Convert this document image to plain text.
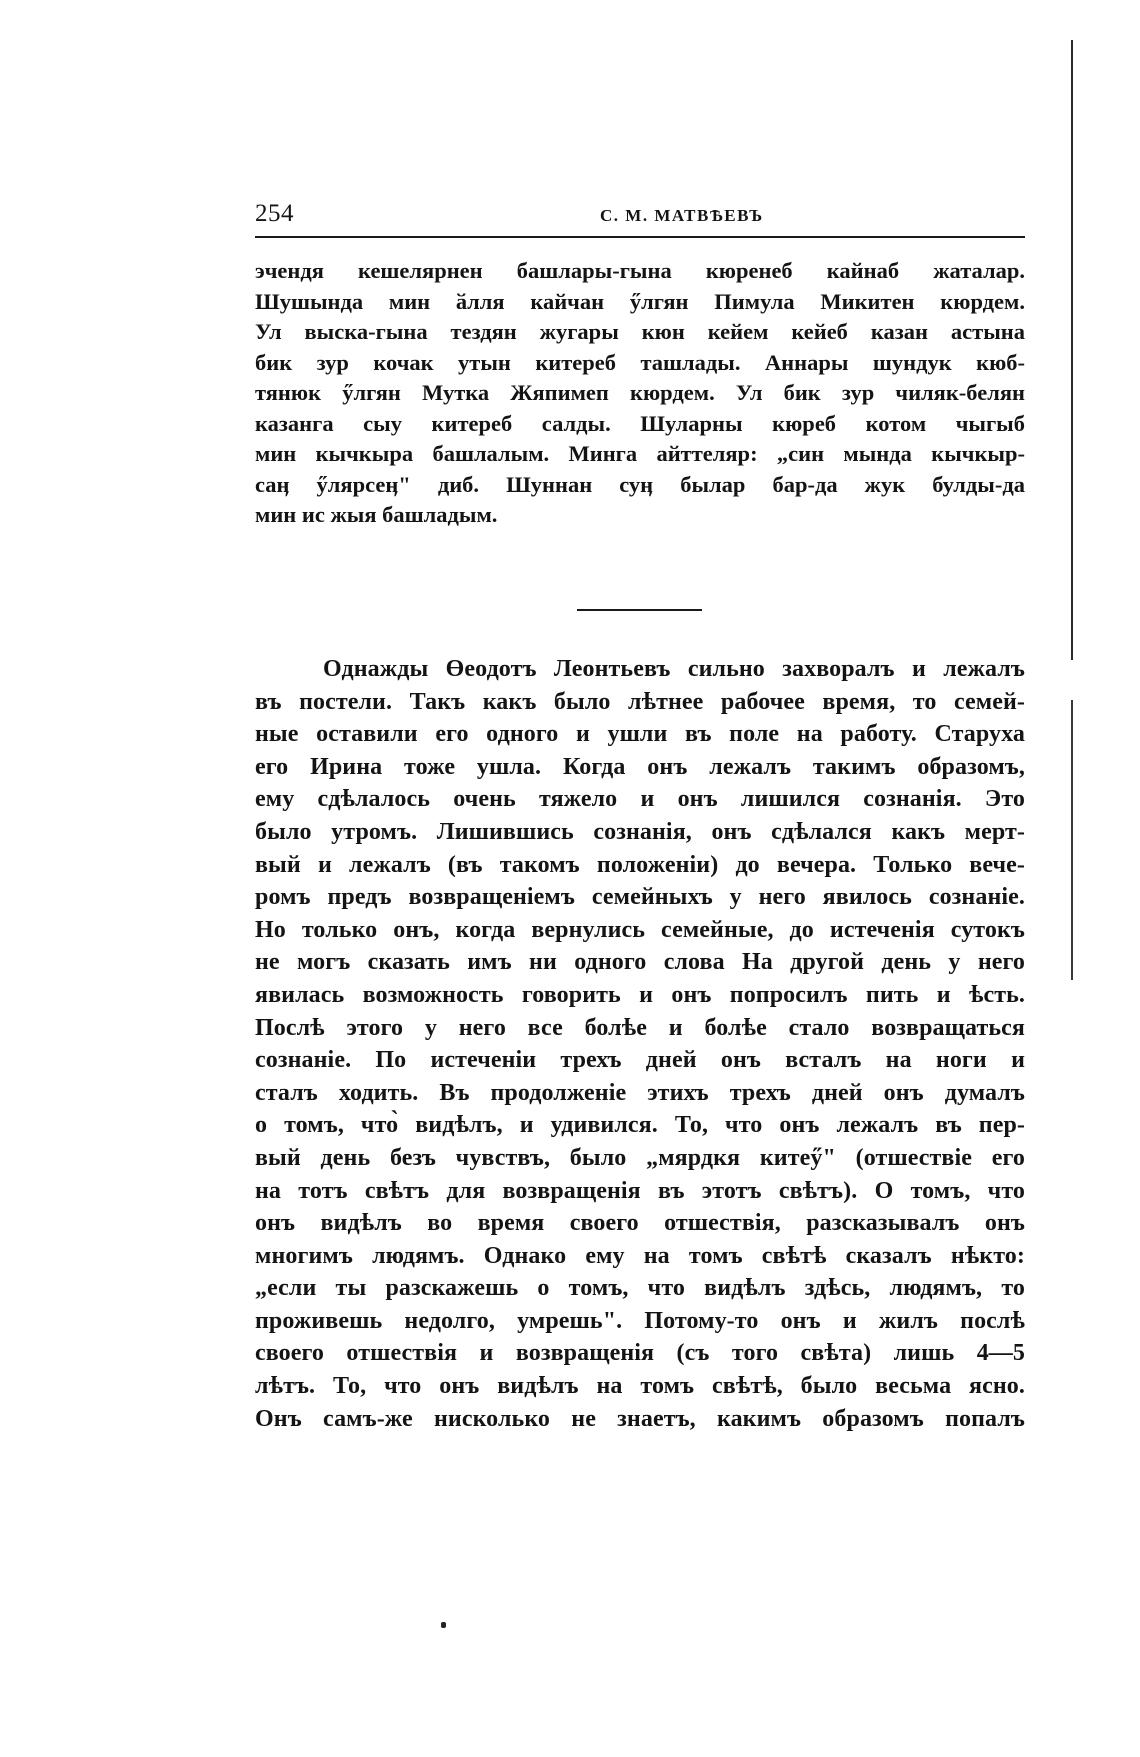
254	С. М. МАТВѢЕВЪ
эчендя кешелярнен башлары-гына кюренеб кайнаб жаталар.
Шушында мин ӑлля кайчан ӳлгян Пимула Микитен кюрдем.
Ул выска-гына тездян жугары кюн кейем кейеб казан астына
бик зур кочак утын китереб ташлады. Аннары шундук кюб-
тянюк ӳлгян Мутка Жяпимеп кюрдем. Ул бик зур чиляк-белян
казанга сыу китереб салды. Шуларны кюреб котом чыгыб
мин кычкыра башлалым. Минга айттеляр: „син мында кычкыр-
саӊ ӳлярсеӊ" диб. Шуннан суӊ былар бар-да жук булды-да
мин ис жыя башладым.
Однажды Өеодотъ Леонтьевъ сильно захворалъ и лежалъ
въ постели. Такъ какъ было лѣтнее рабочее время, то семей-
ные оставили его одного и ушли въ поле на работу. Старуха
его Ирина тоже ушла. Когда онъ лежалъ такимъ образомъ,
ему сдѣлалось очень тяжело и онъ лишился сознанія. Это
было утромъ. Лишившись сознанія, онъ сдѣлался какъ мерт-
вый и лежалъ (въ такомъ положеніи) до вечера. Только вече-
ромъ предъ возвращеніемъ семейныхъ у него явилось сознаніе.
Но только онъ, когда вернулись семейные, до истеченія сутокъ
не могъ сказать имъ ни одного слова На другой день у него
явилась возможность говорить и онъ попросилъ пить и ѣсть.
Послѣ этого у него все болѣе и болѣе стало возвращаться
сознаніе. По истеченіи трехъ дней онъ всталъ на ноги и
сталъ ходить. Въ продолженіе этихъ трехъ дней онъ думалъ
о томъ, что̀ видѣлъ, и удивился. То, что онъ лежалъ въ пер-
вый день безъ чувствъ, было „мярдкя китеӳ" (отшествіе его
на тотъ свѣтъ для возвращенія въ этотъ свѣтъ). О томъ, что
онъ видѣлъ во время своего отшествія, разсказывалъ онъ
многимъ людямъ. Однако ему на томъ свѣтѣ сказалъ нѣкто:
„если ты разскажешь о томъ, что видѣлъ здѣсь, людямъ, то
проживешь недолго, умрешь". Потому-то онъ и жилъ послѣ
своего отшествія и возвращенія (съ того свѣта) лишь 4—5
лѣтъ. То, что онъ видѣлъ на томъ свѣтѣ, было весьма ясно.
Онъ самъ-же нисколько не знаетъ, какимъ образомъ попалъ
